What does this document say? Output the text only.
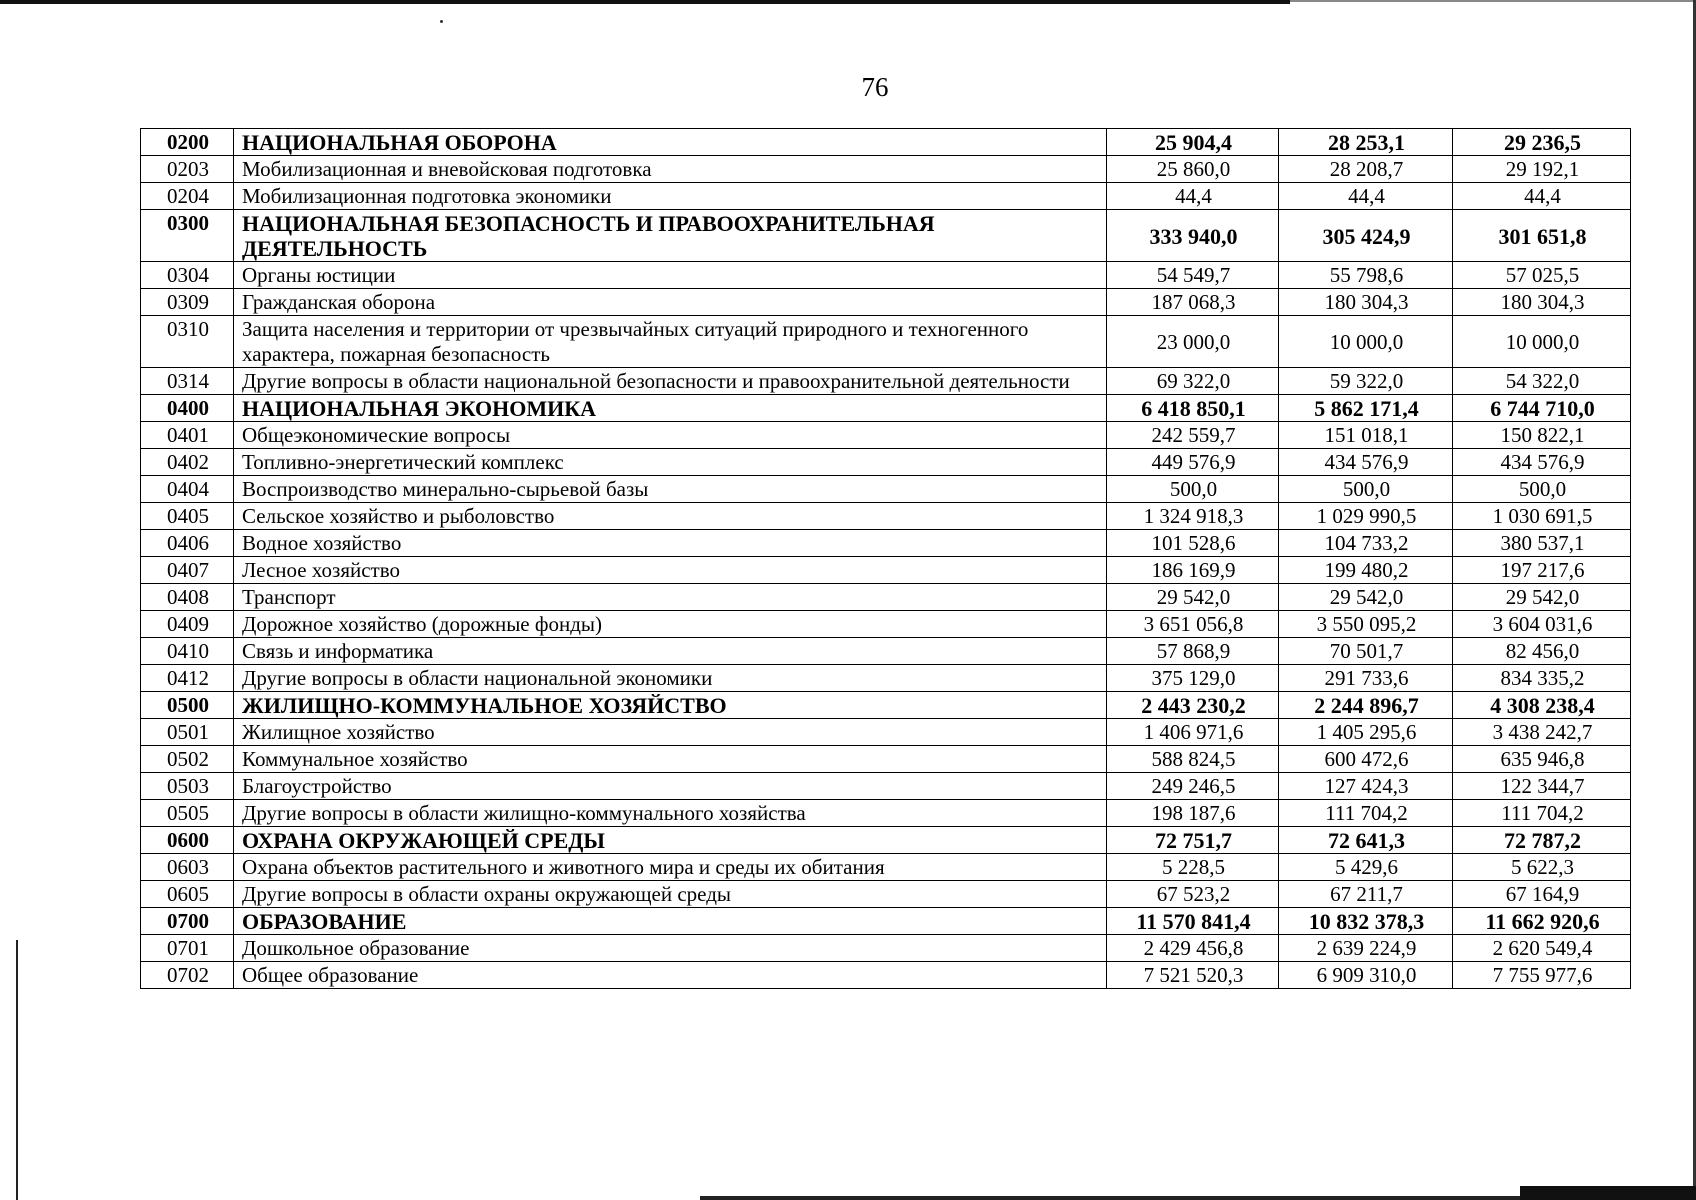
76
0200	НАЦИОНАЛЬНАЯ ОБОРОНА	25 904,4	28 253,1	29 236,5
0203	Мобилизационная и вневойсковая подготовка	25 860,0	28 208,7	29 192,1
0204	Мобилизационная подготовка экономики	44,4	44,4	44,4
0300	НАЦИОНАЛЬНАЯ БЕЗОПАСНОСТЬ И ПРАВООХРАНИТЕЛЬНАЯ ДЕЯТЕЛЬНОСТЬ	333 940,0	305 424,9	301 651,8
0304	Органы юстиции	54 549,7	55 798,6	57 025,5
0309	Гражданская оборона	187 068,3	180 304,3	180 304,3
0310	Защита населения и территории от чрезвычайных ситуаций природного и техногенного характера, пожарная безопасность	23 000,0	10 000,0	10 000,0
0314	Другие вопросы в области национальной безопасности и правоохранительной деятельности	69 322,0	59 322,0	54 322,0
0400	НАЦИОНАЛЬНАЯ ЭКОНОМИКА	6 418 850,1	5 862 171,4	6 744 710,0
0401	Общеэкономические вопросы	242 559,7	151 018,1	150 822,1
0402	Топливно-энергетический комплекс	449 576,9	434 576,9	434 576,9
0404	Воспроизводство минерально-сырьевой базы	500,0	500,0	500,0
0405	Сельское хозяйство и рыболовство	1 324 918,3	1 029 990,5	1 030 691,5
0406	Водное хозяйство	101 528,6	104 733,2	380 537,1
0407	Лесное хозяйство	186 169,9	199 480,2	197 217,6
0408	Транспорт	29 542,0	29 542,0	29 542,0
0409	Дорожное хозяйство (дорожные фонды)	3 651 056,8	3 550 095,2	3 604 031,6
0410	Связь и информатика	57 868,9	70 501,7	82 456,0
0412	Другие вопросы в области национальной экономики	375 129,0	291 733,6	834 335,2
0500	ЖИЛИЩНО-КОММУНАЛЬНОЕ ХОЗЯЙСТВО	2 443 230,2	2 244 896,7	4 308 238,4
0501	Жилищное хозяйство	1 406 971,6	1 405 295,6	3 438 242,7
0502	Коммунальное хозяйство	588 824,5	600 472,6	635 946,8
0503	Благоустройство	249 246,5	127 424,3	122 344,7
0505	Другие вопросы в области жилищно-коммунального хозяйства	198 187,6	111 704,2	111 704,2
0600	ОХРАНА ОКРУЖАЮЩЕЙ СРЕДЫ	72 751,7	72 641,3	72 787,2
0603	Охрана объектов растительного и животного мира и среды их обитания	5 228,5	5 429,6	5 622,3
0605	Другие вопросы в области охраны окружающей среды	67 523,2	67 211,7	67 164,9
0700	ОБРАЗОВАНИЕ	11 570 841,4	10 832 378,3	11 662 920,6
0701	Дошкольное образование	2 429 456,8	2 639 224,9	2 620 549,4
0702	Общее образование	7 521 520,3	6 909 310,0	7 755 977,6
